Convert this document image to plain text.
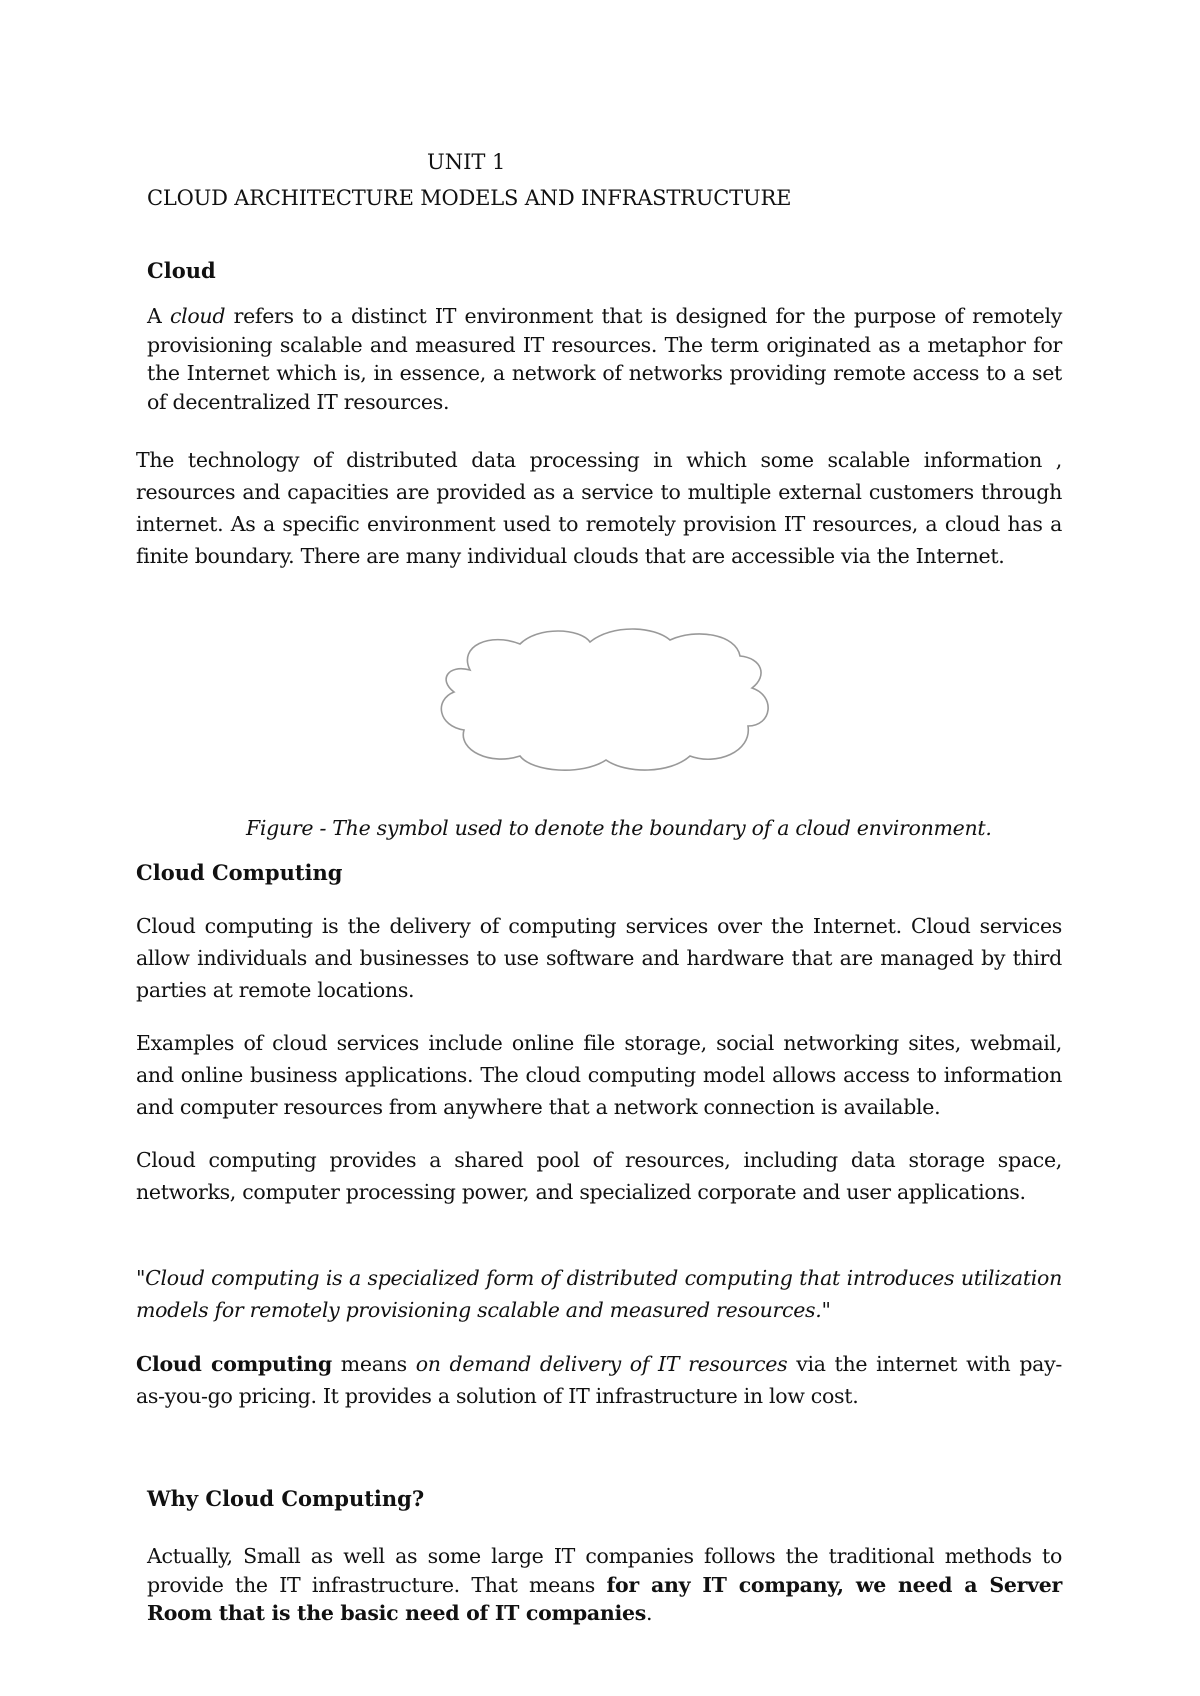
UNIT 1
CLOUD ARCHITECTURE MODELS AND INFRASTRUCTURE
Cloud

A cloud refers to a distinct IT environment that is designed for the purpose of remotely provisioning scalable and measured IT resources. The term originated as a metaphor for the Internet which is, in essence, a network of networks providing remote access to a set of decentralized IT resources.

The technology of distributed data processing in which some scalable information , resources and capacities are provided as a service to multiple external customers through internet. As a specific environment used to remotely provision IT resources, a cloud has a finite boundary. There are many individual clouds that are accessible via the Internet.

Figure - The symbol used to denote the boundary of a cloud environment.

Cloud Computing

Cloud computing is the delivery of computing services over the Internet. Cloud services allow individuals and businesses to use software and hardware that are managed by third parties at remote locations.

Examples of cloud services include online file storage, social networking sites, webmail, and online business applications. The cloud computing model allows access to information and computer resources from anywhere that a network connection is available.

Cloud computing provides a shared pool of resources, including data storage space, networks, computer processing power, and specialized corporate and user applications.

"Cloud computing is a specialized form of distributed computing that introduces utilization models for remotely provisioning scalable and measured resources."

Cloud computing means on demand delivery of IT resources via the internet with pay- as-you-go pricing. It provides a solution of IT infrastructure in low cost.

Why Cloud Computing?

Actually, Small as well as some large IT companies follows the traditional methods to provide the IT infrastructure. That means for any IT company, we need a Server Room that is the basic need of IT companies.
